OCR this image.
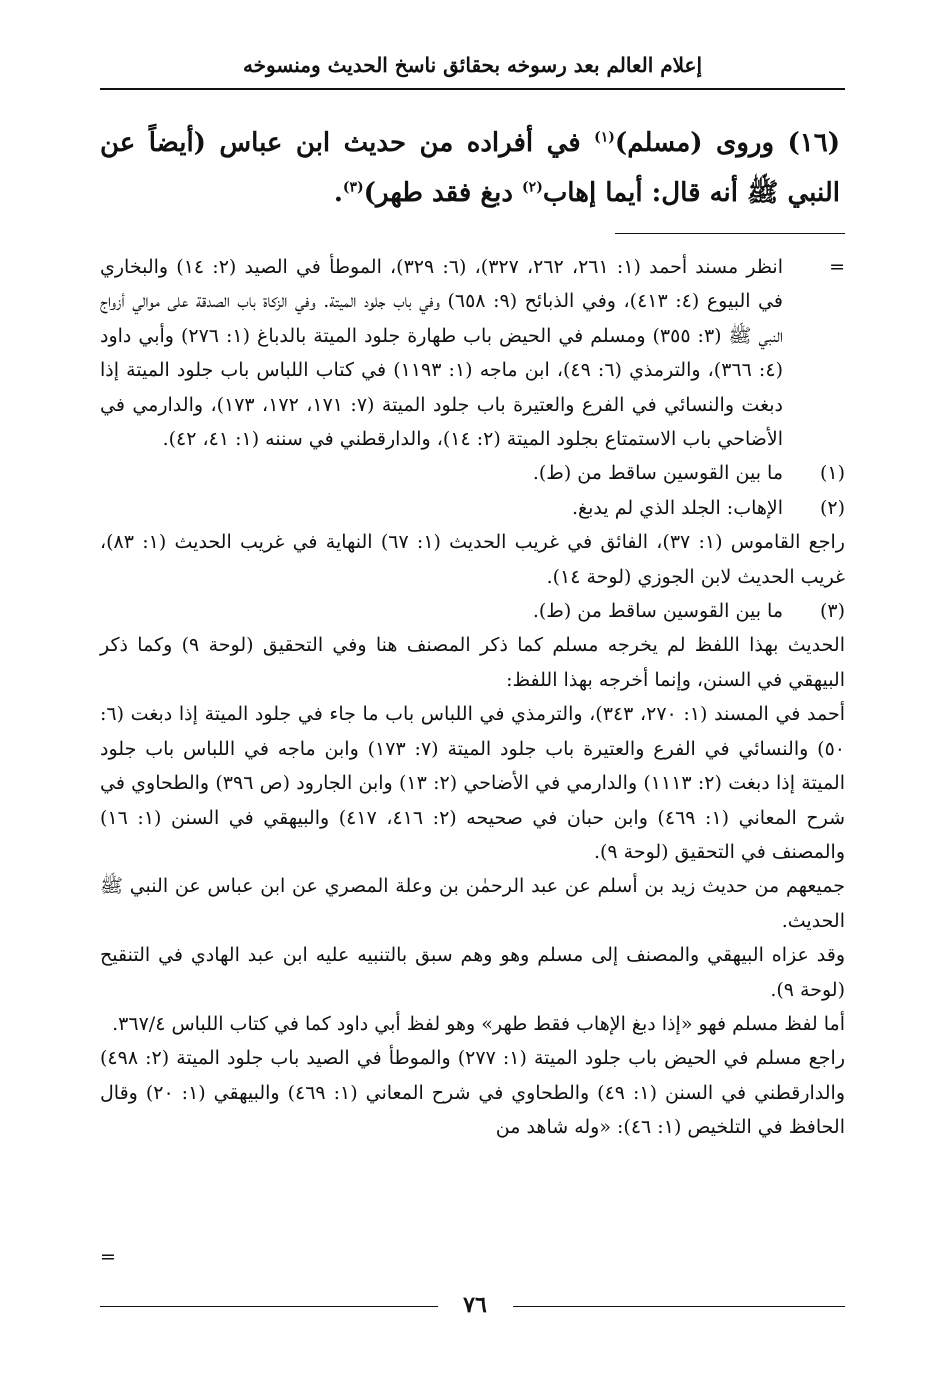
إعلام العالم بعد رسوخه بحقائق ناسخ الحديث ومنسوخه

(١٦) وروى (مسلم)$^{(١)}$ في أفراده من حديث ابن عباس (أيضاً عن النبي ﷺ أنه قال: أيما إهاب$^{(٢)}$ دبغ فقد طهر)$^{(٣)}$.

=

انظر مسند أحمد (١: ٢٦١، ٢٦٢، ٣٢٧)، (٦: ٣٢٩)، الموطأ في الصيد (٢: ١٤) والبخاري في البيوع (٤: ٤١٣)، وفي الذبائح (٩: ٦٥٨) وفي باب جلود الميتة. وفي الزكاة باب الصدقة على موالي أزواج النبي ﷺ (٣: ٣٥٥) ومسلم في الحيض باب طهارة جلود الميتة بالدباغ (١: ٢٧٦) وأبي داود (٤: ٣٦٦)، والترمذي (٦: ٤٩)، ابن ماجه (١: ١١٩٣) في كتاب اللباس باب جلود الميتة إذا دبغت والنسائي في الفرع والعتيرة باب جلود الميتة (٧: ١٧١، ١٧٢، ١٧٣)، والدارمي في الأضاحي باب الاستمتاع بجلود الميتة (٢: ١٤)، والدارقطني في سننه (١: ٤١، ٤٢).

(١)

ما بين القوسين ساقط من (ط).

(٢)

الإهاب: الجلد الذي لم يدبغ.

راجع القاموس (١: ٣٧)، الفائق في غريب الحديث (١: ٦٧) النهاية في غريب الحديث (١: ٨٣)، غريب الحديث لابن الجوزي (لوحة ١٤).

(٣)

ما بين القوسين ساقط من (ط).

الحديث بهذا اللفظ لم يخرجه مسلم كما ذكر المصنف هنا وفي التحقيق (لوحة ٩) وكما ذكر البيهقي في السنن، وإنما أخرجه بهذا اللفظ:

أحمد في المسند (١: ٢٧٠، ٣٤٣)، والترمذي في اللباس باب ما جاء في جلود الميتة إذا دبغت (٦: ٥٠) والنسائي في الفرع والعتيرة باب جلود الميتة (٧: ١٧٣) وابن ماجه في اللباس باب جلود الميتة إذا دبغت (٢: ١١١٣) والدارمي في الأضاحي (٢: ١٣) وابن الجارود (ص ٣٩٦) والطحاوي في شرح المعاني (١: ٤٦٩) وابن حبان في صحيحه (٢: ٤١٦، ٤١٧) والبيهقي في السنن (١: ١٦) والمصنف في التحقيق (لوحة ٩).

جميعهم من حديث زيد بن أسلم عن عبد الرحمٰن بن وعلة المصري عن ابن عباس عن النبي ﷺ الحديث.

وقد عزاه البيهقي والمصنف إلى مسلم وهو وهم سبق بالتنبيه عليه ابن عبد الهادي في التنقيح (لوحة ٩).

أما لفظ مسلم فهو «إذا دبغ الإهاب فقط طهر» وهو لفظ أبي داود كما في كتاب اللباس ٣٦٧/٤.

راجع مسلم في الحيض باب جلود الميتة (١: ٢٧٧) والموطأ في الصيد باب جلود الميتة (٢: ٤٩٨) والدارقطني في السنن (١: ٤٩) والطحاوي في شرح المعاني (١: ٤٦٩) والبيهقي (١: ٢٠) وقال الحافظ في التلخيص (١: ٤٦): «وله شاهد من

=
٧٦
